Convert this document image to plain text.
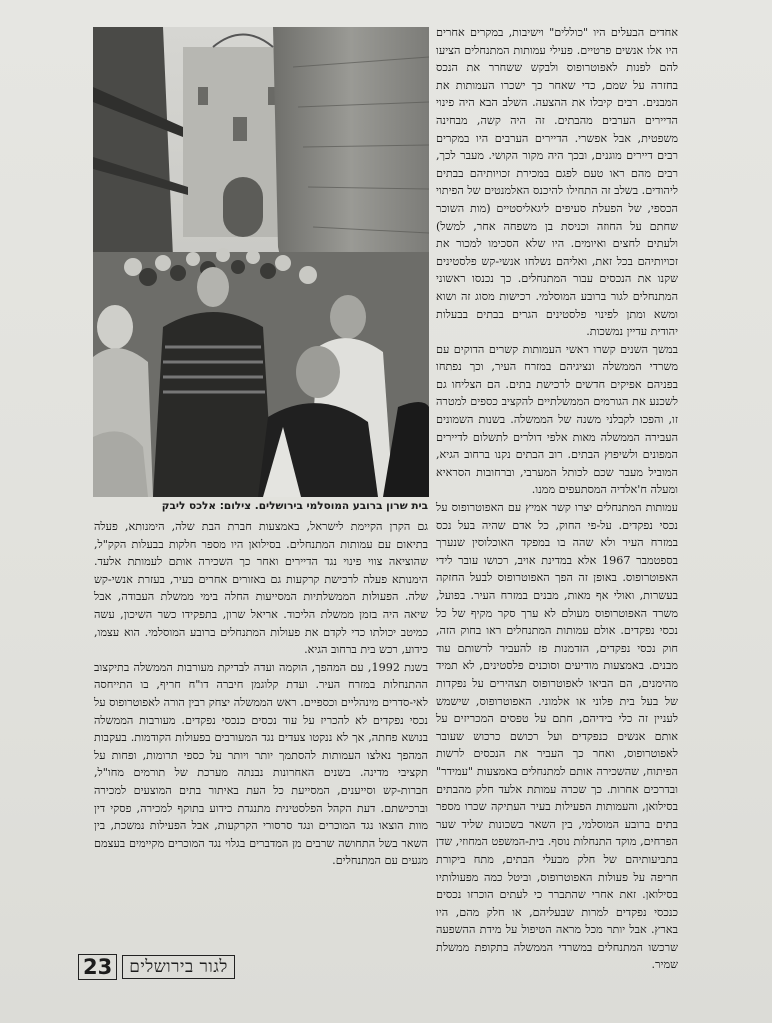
בית שרון ברובע המוסלמי בירושלים. צילום: אלכס ליבק

אחדים הבעלים היו "כוללים" וישיבות, במקרים אחרים היו אלו אנשים פרטיים. פעילי עמותות המתנחלים הציעו להם לפנות לאפוטרופוס ולבקש ששחרר את הנכס בחזרה על שמם, כדי שאחר כך ישכרו העמותות את המבנים. רבים קיבלו את ההצעה. השלב הבא היה פינוי הדיירים הערבים מהבתים. זה היה קשה, מבחינה משפטית, אבל אפשרי. הדיירים הערבים היו במקרים רבים דיירים מוגנים, ובכך היה מקור הקושי. מעבר לכך, רבים מהם ראו טעם לפגם במכירת זכויותיהם בבתים ליהודים. בשלב זה התחילו להיכנס האלמנטים של הפיתוי הכספי, של הפעלת סעיפים ליגאליסטיים (מות השוכר שחתם על החוזה וכניסת בן משפחה אחר, למשל) ולעתים לחצים ואיומים. היו שלא הסכימו למכור את זכויותיהם בכל זאת, ואליהם נשלחו אנשי-קש פלסטינים שקנו את הנכסים עבור המתנחלים. כך נכנסו ראשוני המתנחלים לגור ברובע המוסלמי. רכישות מסוג זה ושוא ומשא ומתן לפינוי פלסטינים הגרים בבתים בבעלות יהודית עדיין נמשכות.

במשך השנים קשרו ראשי העמותות קשרים הדוקים עם משרדי הממשלה ונציגיהם במזרח העיר, וכך נפתחו בפניהם אפיקים חדשים לרכישת בתים. הם הצליחו גם לשכנע את הגורמים הממשלתיים להקציב כספים למטרה זו, והפכו לקבלני משנה של הממשלה. בשנות השמונים העבירה הממשלה מאות אלפי דולרים לתשלום לדיירים המפונים ולשיפוץ הבתים. רוב הבתים נקנו ברחוב הגיא, המוביל מעבר שכם לכותל המערבי, וברחובות הסראיא ומעלה ח'אלדיה המסתעפים ממנו.

עמותות המתנחלים יצרו קשר אמיץ עם האפוטרופוס על נכסי נפקדים. על-פי החוק, כל אדם שהיה בעל נכס במזרח העיר ולא שהה בו במפקד האוכלוסין שנערך בספטמבר 1967 אלא במדינת אויב, רכושו עובר לידי האפוטרופוס. באופן זה הפך האפוטרופוס לבעל החזקה בעשרות, ואולי אף מאות, מבנים במזרח העיר. בפועל, משרד האפוטרופוס מעולם לא ערך סקר מקיף של כל נכסי נפקדים. אולם עמותות המתנחלים ראו בחוק הזה, חוק נכסי נפקדים, הזדמנות פז להעביר לרשותם עוד מבנים. באמצעות מודיעים וסוכנים פלסטינים, לא תמיד מהימנים, הם הביאו לאפוטרופוס תצהירים על נפקדות של בעל בית פלוני או אלמוני. האפוטרופוס, שישמש לעניין זה כלי בידיהם, חתם על טפסים המכריזים על אותם אנשים כנפקדים ועל רכושם כרכוש שעובר לאפוטרופוס, ואחר כך העביר את הנכסים לרשות הפיתוח, שהשכירה אותם למתנחלים באמצעות "עמידר" ובדרכים אחרות. כך שכרה עמותת אלעד חלק מהבתים בסילואן, והעמותות הפעילות בעיר העתיקה שכרו מספר בתים ברובע המוסלמי, בין השאר בשכונות שליד שער הפרחים, מוקד התנחלות נוסף. בית-המשפט המחוזי, שדן בתביעותיהם של חלק מבעלי הבתים, מתח ביקורת חריפה על פעולות האפוטרופוס, וביטל כמה מפעולותיו בסילואן. זאת אחרי שהתברר כי לעתים הוכרזו נכסים כנכסי נפקדים למרות שבעליהם, או חלק מהם, היו בארץ. אבל יותר מכל מראה הטיפול על מידת ההשפעה שרכשו המתנחלים במשרדי הממשלה בתקופת ממשלת שמיר.

גם הקרן הקיימת לישראל, באמצעות חברת הבת שלה, הימנותא, פעלה בתיאום עם עמותות המתנחלים. בסילואן היו מספר חלקות בבעלות הקק"ל, שהוציאה צווי פינוי נגד הדיירים ואחר כך השכירה אותם לעמותת אלעד. הימנותא פעלה לרכישת קרקעות גם באזורים אחרים בעיר, בעזרת אנשי-קש שלה. הפעולות הממשלתיות המסייעות החלה בימי ממשלת העבודה, אבל שיאה היה בזמן ממשלת הליכוד. אריאל שרון, בתפקידו כשר השיכון, עשה כמיטב יכולתו כדי לקדם את פעולות המתנחלים ברובע המוסלמי. הוא עצמו, כידוע, רכש בית ברחוב הגיא.

בשנת 1992, עם המהפך, הוקמה ועדה לבדיקת מעורבות הממשלה בתיקצוב ההתנחלות במזרח העיר. ועדת קלוגמן חיברה דו"ח חריף, בו התייחסה לאי-סדרים מינהליים וכספיים. ראש הממשלה יצחק רבין הורה לאפוטרופוס על נכסי נפקדים לא להכריז על עוד נכסים כנכסי נפקדים. מעורבות הממשלה בנושא פחתה, אך לא ננקטו צעדים נגד המעורבים בפעולות הקודמות. בעקבות המהפך נאלצו העמותות להסתמך יותר ויותר על כספי תרומות, ופחות על תקציבי מדינה. בשנים האחרונות נבנתה מערכת של תורמים מחו"ל, חברות-קש וסייענים, המסייעת כל העת באיתור בתים המוצעים למכירה וברכישתם. דעת הקהל הפלסטינית מתנגדת כידוע בתוקף למכירה, פסקי דין מוות הוצאו נגד המוכרים ונגד סרסורי הקרקעות, אבל הפעילות נמשכת, בין השאר בשל התחושה שרבים מן המדברים בגלוי נגד המוכרים מקיימים בעצמם מגעים עם המתנחלים.

23	לגור בירושלים
